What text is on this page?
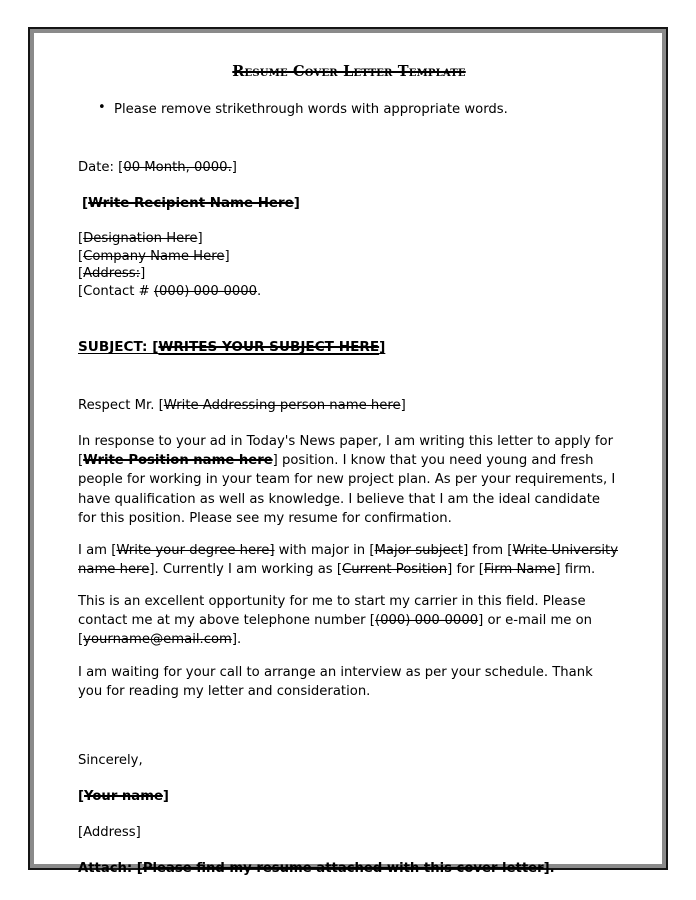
Resume Cover Letter Template
• Please remove strikethrough words with appropriate words.
Date: [00 Month, 0000.]
[Write Recipient Name Here]
[Designation Here]
[Company Name Here]
[Address:]
[Contact # (000) 000-0000.
SUBJECT: [WRITES YOUR SUBJECT HERE]
Respect Mr. [Write Addressing person name here]

In response to your ad in Today's News paper, I am writing this letter to apply for [Write Position name here] position. I know that you need young and fresh people for working in your team for new project plan. As per your requirements, I have qualification as well as knowledge. I believe that I am the ideal candidate for this position. Please see my resume for confirmation.

I am [Write your degree here] with major in [Major subject] from [Write University name here]. Currently I am working as [Current Position] for [Firm Name] firm.

This is an excellent opportunity for me to start my carrier in this field. Please contact me at my above telephone number [(000) 000-0000] or e-mail me on [yourname@email.com].

I am waiting for your call to arrange an interview as per your schedule. Thank you for reading my letter and consideration.

Sincerely,
[Your name]
[Address]
Attach: [Please find my resume attached with this cover letter].
